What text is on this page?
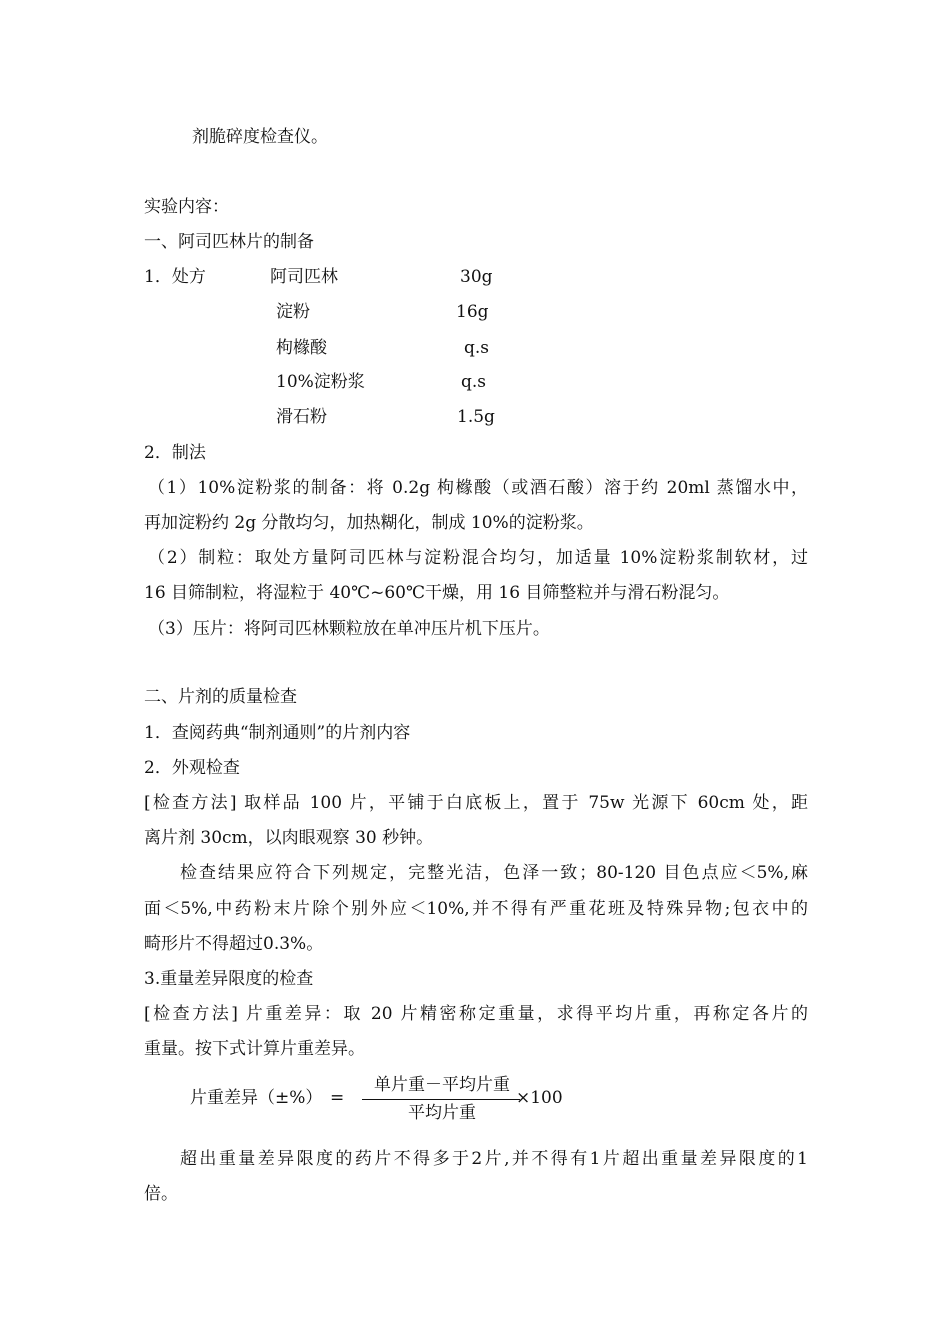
剂脆碎度检查仪。
实验内容：
一、阿司匹林片的制备
1．处方	阿司匹林	30g
淀粉	16g
枸橼酸	q.s
10%淀粉浆	q.s
滑石粉	1.5g
2．制法
（1）10%淀粉浆的制备：将 0.2g 枸橼酸（或酒石酸）溶于约 20ml 蒸馏水中，
再加淀粉约 2g 分散均匀，加热糊化，制成 10%的淀粉浆。
（2）制粒：取处方量阿司匹林与淀粉混合均匀，加适量 10%淀粉浆制软材，过
16 目筛制粒，将湿粒于 40℃~60℃干燥，用 16 目筛整粒并与滑石粉混匀。
（3）压片：将阿司匹林颗粒放在单冲压片机下压片。
二、片剂的质量检查
1．查阅药典“制剂通则”的片剂内容
2．外观检查
[检查方法] 取样品 100 片，平铺于白底板上，置于 75w 光源下 60cm 处，距
离片剂 30cm，以肉眼观察 30 秒钟。
检查结果应符合下列规定，完整光洁，色泽一致；80-120 目色点应＜5%,麻
面＜5%,中药粉末片除个别外应＜10%,并不得有严重花班及特殊异物;包衣中的
畸形片不得超过0.3%。
3.重量差异限度的检查
[检查方法] 片重差异：取 20 片精密称定重量，求得平均片重，再称定各片的
重量。按下式计算片重差异。
片重差异（±%） =
单片重－平均片重
平均片重
×100
超出重量差异限度的药片不得多于2片,并不得有1片超出重量差异限度的1
倍。
